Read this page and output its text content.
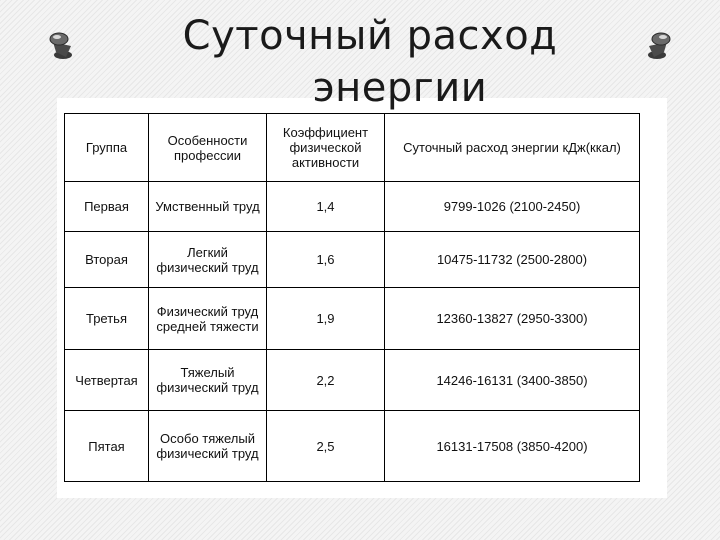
Суточный расход
энергии
Группа	Особенности профессии	Коэффициент физической активности	Суточный расход энергии кДж(ккал)
Первая	Умственный труд	1,4	9799-1026 (2100-2450)
Вторая	Легкий физический труд	1,6	10475-11732 (2500-2800)
Третья	Физический труд средней тяжести	1,9	12360-13827 (2950-3300)
Четвертая	Тяжелый физический труд	2,2	14246-16131 (3400-3850)
Пятая	Особо тяжелый физический труд	2,5	16131-17508 (3850-4200)
